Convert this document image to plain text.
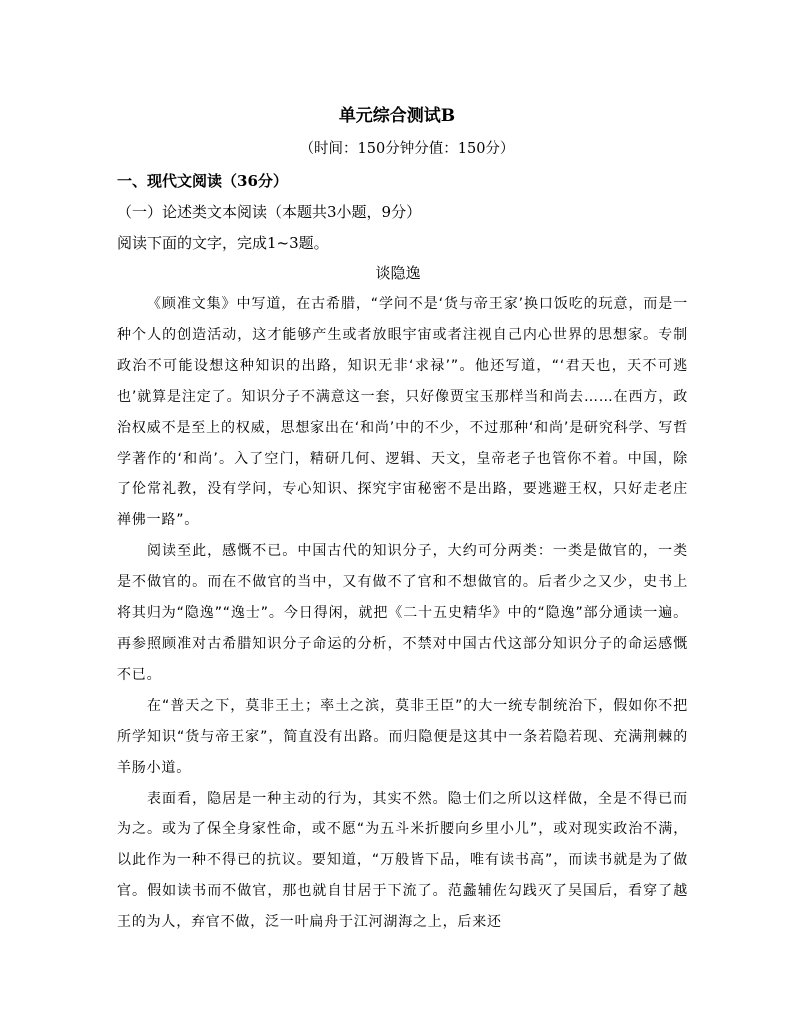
单元综合测试B
（时间：150分钟分值：150分）
一、现代文阅读（36分）
（一）论述类文本阅读（本题共3小题，9分）
阅读下面的文字，完成1~3题。
谈隐逸

《顾准文集》中写道，在古希腊，“学问不是‘货与帝王家’换口饭吃的玩意，而是一种个人的创造活动，这才能够产生或者放眼宇宙或者注视自己内心世界的思想家。专制政治不可能设想这种知识的出路，知识无非‘求禄’”。他还写道，“‘君天也，天不可逃也’就算是注定了。知识分子不满意这一套，只好像贾宝玉那样当和尚去……在西方，政治权威不是至上的权威，思想家出在‘和尚’中的不少，不过那种‘和尚’是研究科学、写哲学著作的‘和尚’。入了空门，精研几何、逻辑、天文，皇帝老子也管你不着。中国，除了伦常礼教，没有学问，专心知识、探究宇宙秘密不是出路，要逃避王权，只好走老庄禅佛一路”。

阅读至此，感慨不已。中国古代的知识分子，大约可分两类：一类是做官的，一类是不做官的。而在不做官的当中，又有做不了官和不想做官的。后者少之又少，史书上将其归为“隐逸”“逸士”。今日得闲，就把《二十五史精华》中的“隐逸”部分通读一遍。再参照顾准对古希腊知识分子命运的分析，不禁对中国古代这部分知识分子的命运感慨不已。

在“普天之下，莫非王土；率土之滨，莫非王臣”的大一统专制统治下，假如你不把所学知识“货与帝王家”，简直没有出路。而归隐便是这其中一条若隐若现、充满荆棘的羊肠小道。

表面看，隐居是一种主动的行为，其实不然。隐士们之所以这样做，全是不得已而为之。或为了保全身家性命，或不愿“为五斗米折腰向乡里小儿”，或对现实政治不满，以此作为一种不得已的抗议。要知道，“万般皆下品，唯有读书高”，而读书就是为了做官。假如读书而不做官，那也就自甘居于下流了。范蠡辅佐勾践灭了吴国后，看穿了越王的为人，弃官不做，泛一叶扁舟于江河湖海之上，后来还
